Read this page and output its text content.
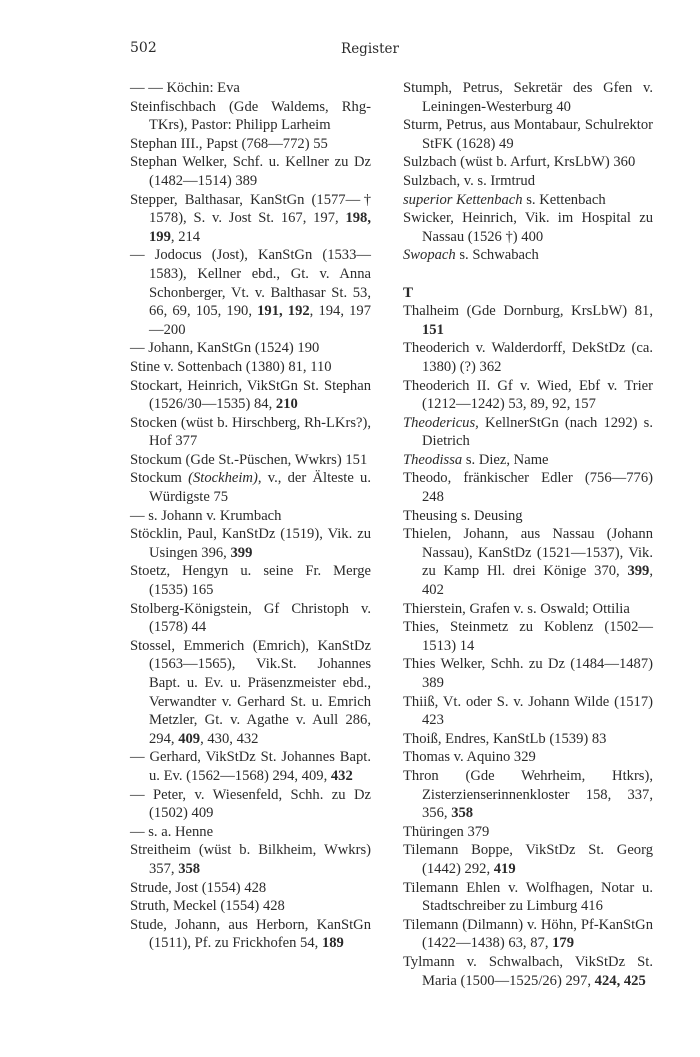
502	Register

— — Köchin: Eva

Steinfischbach (Gde Waldems, Rhg-TKrs), Pastor: Philipp Larheim

Stephan III., Papst (768—772) 55

Stephan Welker, Schf. u. Kellner zu Dz (1482—1514) 389

Stepper, Balthasar, KanStGn (1577—† 1578), S. v. Jost St. 167, 197, 198, 199, 214

— Jodocus (Jost), KanStGn (1533—1583), Kellner ebd., Gt. v. Anna Schonberger, Vt. v. Balthasar St. 53, 66, 69, 105, 190, 191, 192, 194, 197—200

— Johann, KanStGn (1524) 190

Stine v. Sottenbach (1380) 81, 110

Stockart, Heinrich, VikStGn St. Stephan (1526/30—1535) 84, 210

Stocken (wüst b. Hirschberg, Rh-LKrs?), Hof 377

Stockum (Gde St.-Püschen, Wwkrs) 151

Stockum (Stockheim), v., der Älteste u. Würdigste 75

— s. Johann v. Krumbach

Stöcklin, Paul, KanStDz (1519), Vik. zu Usingen 396, 399

Stoetz, Hengyn u. seine Fr. Merge (1535) 165

Stolberg-Königstein, Gf Christoph v. (1578) 44

Stossel, Emmerich (Emrich), KanStDz (1563—1565), Vik.St. Johannes Bapt. u. Ev. u. Präsenzmeister ebd., Verwandter v. Gerhard St. u. Emrich Metzler, Gt. v. Agathe v. Aull 286, 294, 409, 430, 432

— Gerhard, VikStDz St. Johannes Bapt. u. Ev. (1562—1568) 294, 409, 432

— Peter, v. Wiesenfeld, Schh. zu Dz (1502) 409

— s. a. Henne

Streitheim (wüst b. Bilkheim, Wwkrs) 357, 358

Strude, Jost (1554) 428

Struth, Meckel (1554) 428

Stude, Johann, aus Herborn, KanStGn (1511), Pf. zu Frickhofen 54, 189

Stumph, Petrus, Sekretär des Gfen v. Leiningen-Westerburg 40

Sturm, Petrus, aus Montabaur, Schulrektor StFK (1628) 49

Sulzbach (wüst b. Arfurt, KrsLbW) 360

Sulzbach, v. s. Irmtrud

superior Kettenbach s. Kettenbach

Swicker, Heinrich, Vik. im Hospital zu Nassau (1526 †) 400

Swopach s. Schwabach

T

Thalheim (Gde Dornburg, KrsLbW) 81, 151

Theoderich v. Walderdorff, DekStDz (ca. 1380) (?) 362

Theoderich II. Gf v. Wied, Ebf v. Trier (1212—1242) 53, 89, 92, 157

Theodericus, KellnerStGn (nach 1292) s. Dietrich

Theodissa s. Diez, Name

Theodo, fränkischer Edler (756—776) 248

Theusing s. Deusing

Thielen, Johann, aus Nassau (Johann Nassau), KanStDz (1521—1537), Vik. zu Kamp Hl. drei Könige 370, 399, 402

Thierstein, Grafen v. s. Oswald; Ottilia

Thies, Steinmetz zu Koblenz (1502—1513) 14

Thies Welker, Schh. zu Dz (1484—1487) 389

Thiiß, Vt. oder S. v. Johann Wilde (1517) 423

Thoiß, Endres, KanStLb (1539) 83

Thomas v. Aquino 329

Thron (Gde Wehrheim, Htkrs), Zisterzienserinnenkloster 158, 337, 356, 358

Thüringen 379

Tilemann Boppe, VikStDz St. Georg (1442) 292, 419

Tilemann Ehlen v. Wolfhagen, Notar u. Stadtschreiber zu Limburg 416

Tilemann (Dilmann) v. Höhn, Pf-KanStGn (1422—1438) 63, 87, 179

Tylmann v. Schwalbach, VikStDz St. Maria (1500—1525/26) 297, 424, 425
